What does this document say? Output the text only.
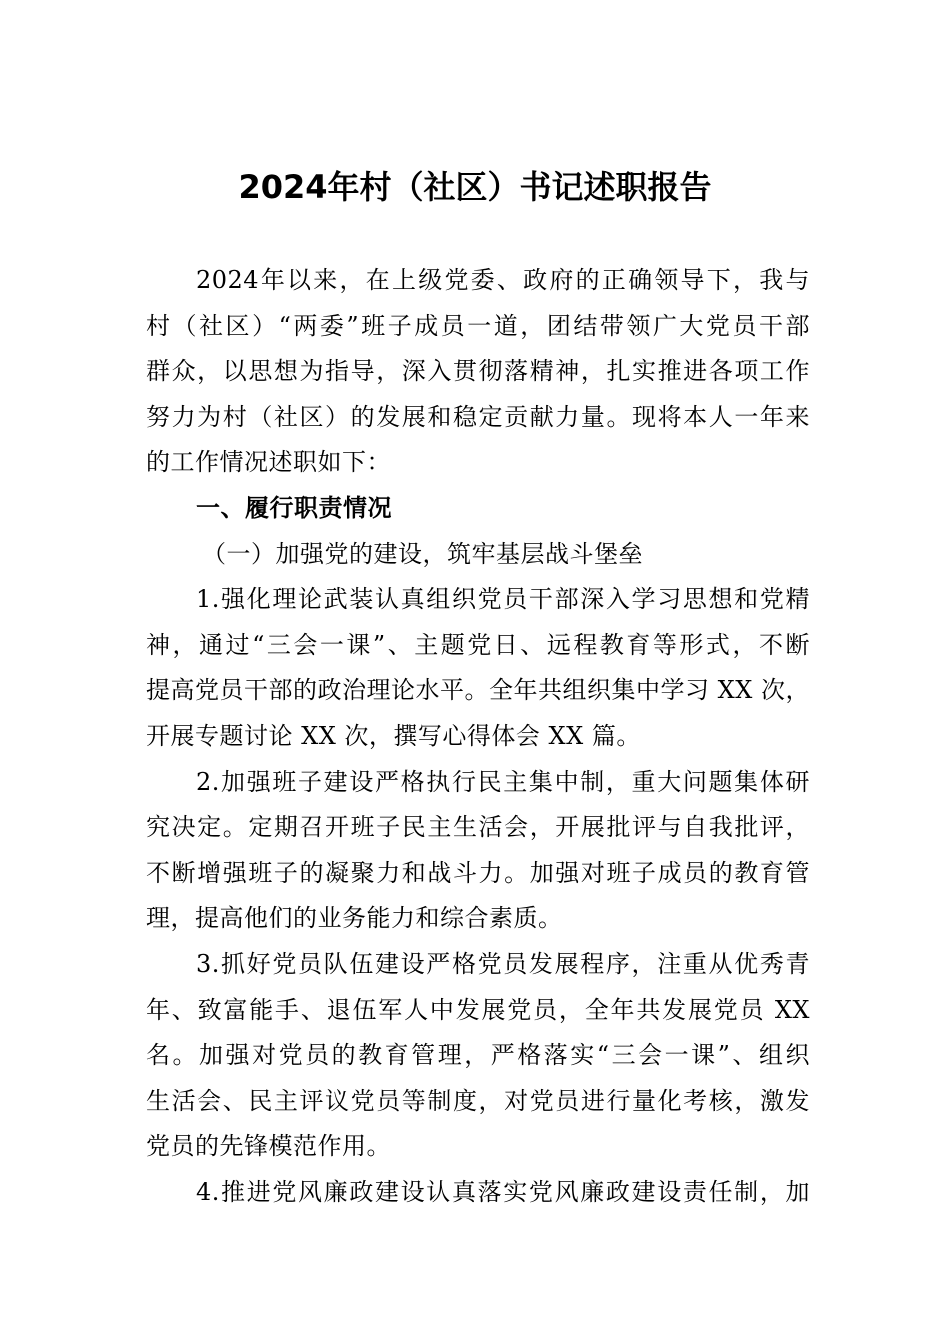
2024年村（社区）书记述职报告
2024年以来，在上级党委、政府的正确领导下，我与
村（社区）“两委”班子成员一道，团结带领广大党员干部
群众，以思想为指导，深入贯彻落精神，扎实推进各项工作
努力为村（社区）的发展和稳定贡献力量。现将本人一年来
的工作情况述职如下：
一、履行职责情况
（一）加强党的建设，筑牢基层战斗堡垒
1.强化理论武装认真组织党员干部深入学习思想和党精
神，通过“三会一课”、主题党日、远程教育等形式，不断
提高党员干部的政治理论水平。全年共组织集中学习 XX 次，
开展专题讨论 XX 次，撰写心得体会 XX 篇。
2.加强班子建设严格执行民主集中制，重大问题集体研
究决定。定期召开班子民主生活会，开展批评与自我批评，
不断增强班子的凝聚力和战斗力。加强对班子成员的教育管
理，提高他们的业务能力和综合素质。
3.抓好党员队伍建设严格党员发展程序，注重从优秀青
年、致富能手、退伍军人中发展党员，全年共发展党员 XX
名。加强对党员的教育管理，严格落实“三会一课”、组织
生活会、民主评议党员等制度，对党员进行量化考核，激发
党员的先锋模范作用。
4.推进党风廉政建设认真落实党风廉政建设责任制，加
